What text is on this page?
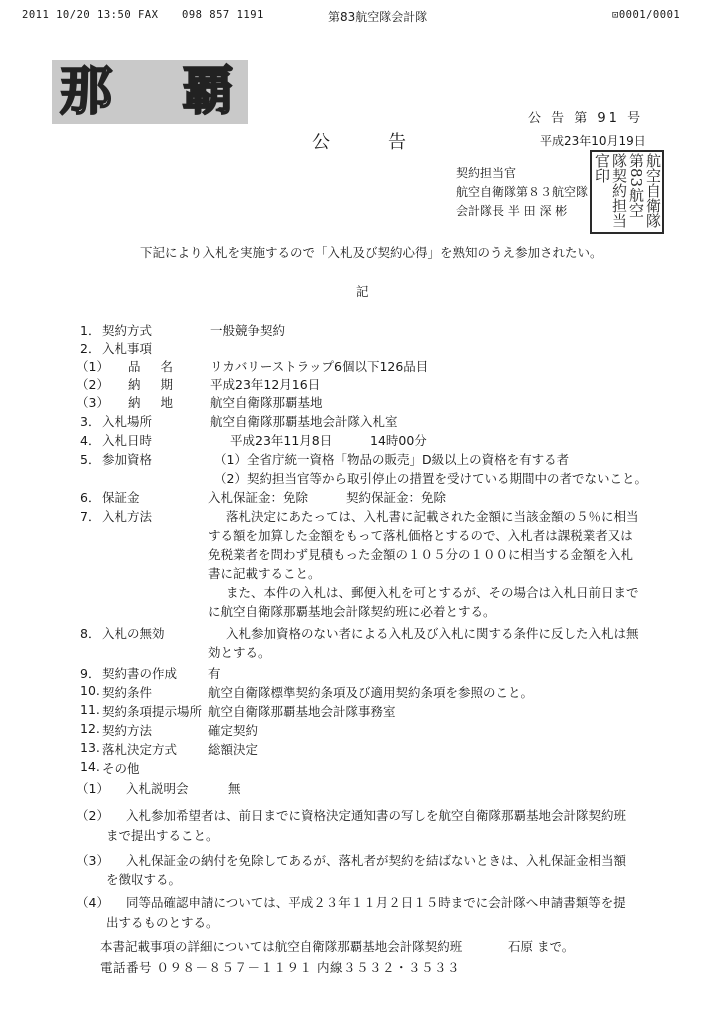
2011 10/20 13:50 FAX 098 857 1191	第83航空隊会計隊	⊡0001/0001
那 覇	公 告 第 91 号
公告	平成23年10月19日
契約担当官
航空自衛隊第８３航空隊
会計隊長 半 田 深 彬	航空自衛隊第83航空隊契約担当官印
下記により入札を実施するので「入札及び契約心得」を熟知のうえ参加されたい。
記
1． 契約方式	一般競争契約
2． 入札事項
（1） 品 名 リカバリーストラップ6個以下126品目
（2） 納 期 平成23年12月16日
（3） 納 地 航空自衛隊那覇基地
3． 入札場所	航空自衛隊那覇基地会計隊入札室
4． 入札日時	平成23年11月8日	14時00分
5． 参加資格	（1）全省庁統一資格「物品の販売」D級以上の資格を有する者
（2）契約担当官等から取引停止の措置を受けている期間中の者でないこと。
6． 保証金	入札保証金：免除	契約保証金：免除
7． 入札方法	落札決定にあたっては、入札書に記載された金額に当該金額の５％に相当
する額を加算した金額をもって落札価格とするので、入札者は課税業者又は
免税業者を問わず見積もった金額の１０５分の１００に相当する金額を入札
書に記載すること。
また、本件の入札は、郵便入札を可とするが、その場合は入札日前日まで
に航空自衛隊那覇基地会計隊契約班に必着とする。
8． 入札の無効	入札参加資格のない者による入札及び入札に関する条件に反した入札は無
効とする。
9． 契約書の作成 有
10. 契約条件	航空自衛隊標準契約条項及び適用契約条項を参照のこと。
11. 契約条項提示場所 航空自衛隊那覇基地会計隊事務室
12. 契約方法	確定契約
13. 落札決定方式 総額決定
14. その他
（1） 入札説明会	無
（2） 入札参加希望者は、前日までに資格決定通知書の写しを航空自衛隊那覇基地会計隊契約班
まで提出すること。
（3） 入札保証金の納付を免除してあるが、落札者が契約を結ばないときは、入札保証金相当額
を徴収する。
（4） 同等品確認申請については、平成２３年１１月２日１５時までに会計隊へ申請書類等を提
出するものとする。
本書記載事項の詳細については航空自衛隊那覇基地会計隊契約班	石原 まで。
電話番号 ０９８－８５７－１１９１ 内線３５３２・３５３３
